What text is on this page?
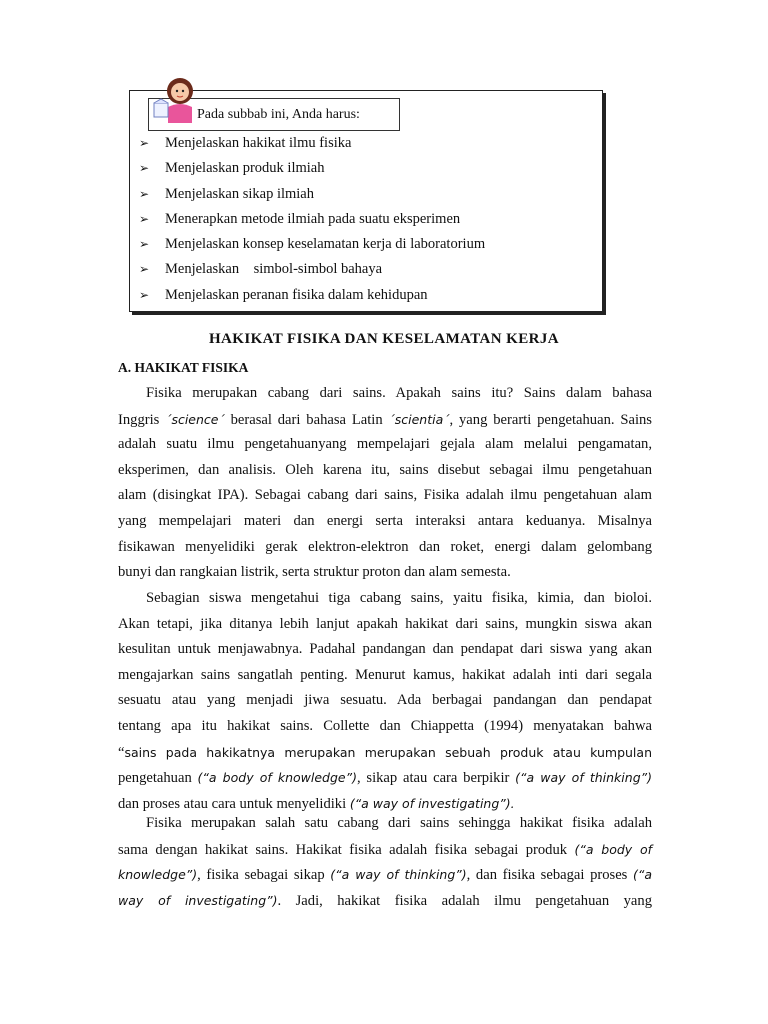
Pada subbab ini, Anda harus:
➢ Menjelaskan hakikat ilmu fisika
➢ Menjelaskan produk ilmiah
➢ Menjelaskan sikap ilmiah
➢ Menerapkan metode ilmiah pada suatu eksperimen
➢ Menjelaskan konsep keselamatan kerja di laboratorium
➢ Menjelaskan    simbol-simbol bahaya
➢ Menjelaskan peranan fisika dalam kehidupan
HAKIKAT FISIKA DAN KESELAMATAN KERJA
A. HAKIKAT FISIKA
Fisika merupakan cabang dari sains. Apakah sains itu? Sains dalam bahasa
Inggris ´science´ berasal dari bahasa Latin ´scientia´, yang berarti pengetahuan. Sains
adalah suatu ilmu pengetahuanyang mempelajari gejala alam melalui pengamatan,
eksperimen, dan analisis. Oleh karena itu, sains disebut sebagai ilmu pengetahuan
alam (disingkat IPA). Sebagai cabang dari sains, Fisika adalah ilmu pengetahuan alam
yang mempelajari materi dan energi serta interaksi antara keduanya. Misalnya
fisikawan menyelidiki gerak elektron-elektron dan roket, energi dalam gelombang
bunyi dan rangkaian listrik, serta struktur proton dan alam semesta.
Sebagian siswa mengetahui tiga cabang sains, yaitu fisika, kimia, dan bioloi.
Akan tetapi, jika ditanya lebih lanjut apakah hakikat dari sains, mungkin siswa akan
kesulitan untuk menjawabnya. Padahal pandangan dan pendapat dari siswa yang akan
mengajarkan sains sangatlah penting. Menurut kamus, hakikat adalah inti dari segala
sesuatu atau yang menjadi jiwa sesuatu. Ada berbagai pandangan dan pendapat
tentang apa itu hakikat sains. Collette dan Chiappetta (1994) menyatakan bahwa
“sains pada hakikatnya merupakan merupakan sebuah produk atau kumpulan
pengetahuan (“a body of knowledge”), sikap atau cara berpikir (“a way of thinking”)
dan proses atau cara untuk menyelidiki (“a way of investigating”).
Fisika merupakan salah satu cabang dari sains sehingga hakikat fisika adalah
sama dengan hakikat sains. Hakikat fisika adalah fisika sebagai produk (“a body of
knowledge”), fisika sebagai sikap (“a way of thinking”), dan fisika sebagai proses (“a
way of investigating”). Jadi, hakikat fisika adalah ilmu pengetahuan yang
